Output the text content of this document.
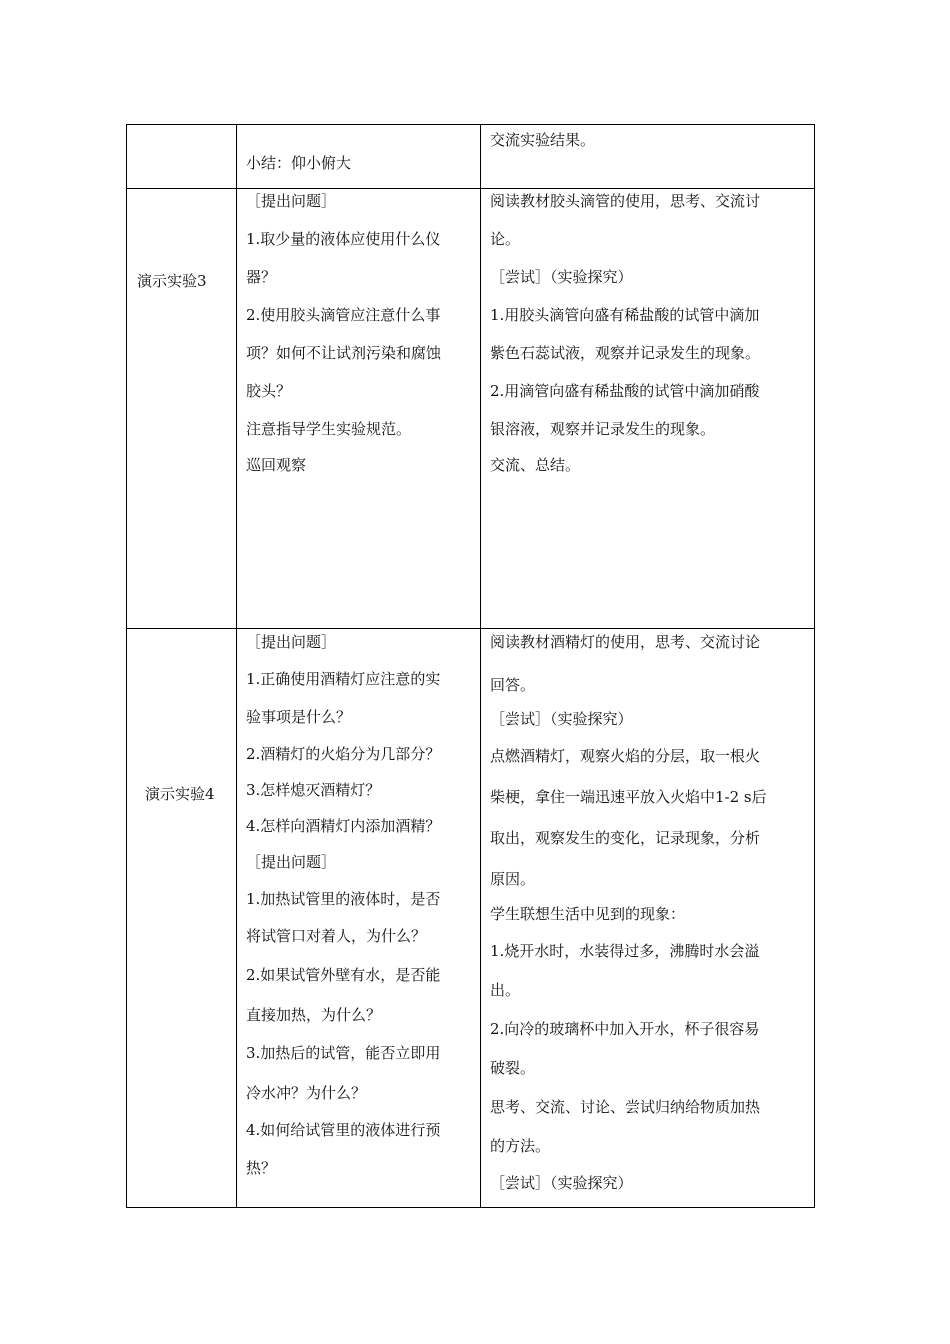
小结：仰小俯大
交流实验结果。
演示实验3
［提出问题］
1.取少量的液体应使用什么仪
器？
2.使用胶头滴管应注意什么事
项？如何不让试剂污染和腐蚀
胶头？
注意指导学生实验规范。
巡回观察
阅读教材胶头滴管的使用，思考、交流讨
论。
［尝试］（实验探究）
1.用胶头滴管向盛有稀盐酸的试管中滴加
紫色石蕊试液，观察并记录发生的现象。
2.用滴管向盛有稀盐酸的试管中滴加硝酸
银溶液，观察并记录发生的现象。
交流、总结。
演示实验4
［提出问题］
1.正确使用酒精灯应注意的实
验事项是什么？
2.酒精灯的火焰分为几部分？
3.怎样熄灭酒精灯？
4.怎样向酒精灯内添加酒精？
［提出问题］
1.加热试管里的液体时，是否
将试管口对着人，为什么？
2.如果试管外壁有水，是否能
直接加热，为什么？
3.加热后的试管，能否立即用
冷水冲？为什么？
4.如何给试管里的液体进行预
热？
阅读教材酒精灯的使用，思考、交流讨论
回答。
［尝试］（实验探究）
点燃酒精灯，观察火焰的分层，取一根火
柴梗，拿住一端迅速平放入火焰中1-2 s后
取出，观察发生的变化，记录现象，分析
原因。
学生联想生活中见到的现象：
1.烧开水时，水装得过多，沸腾时水会溢
出。
2.向冷的玻璃杯中加入开水，杯子很容易
破裂。
思考、交流、讨论、尝试归纳给物质加热
的方法。
［尝试］（实验探究）
